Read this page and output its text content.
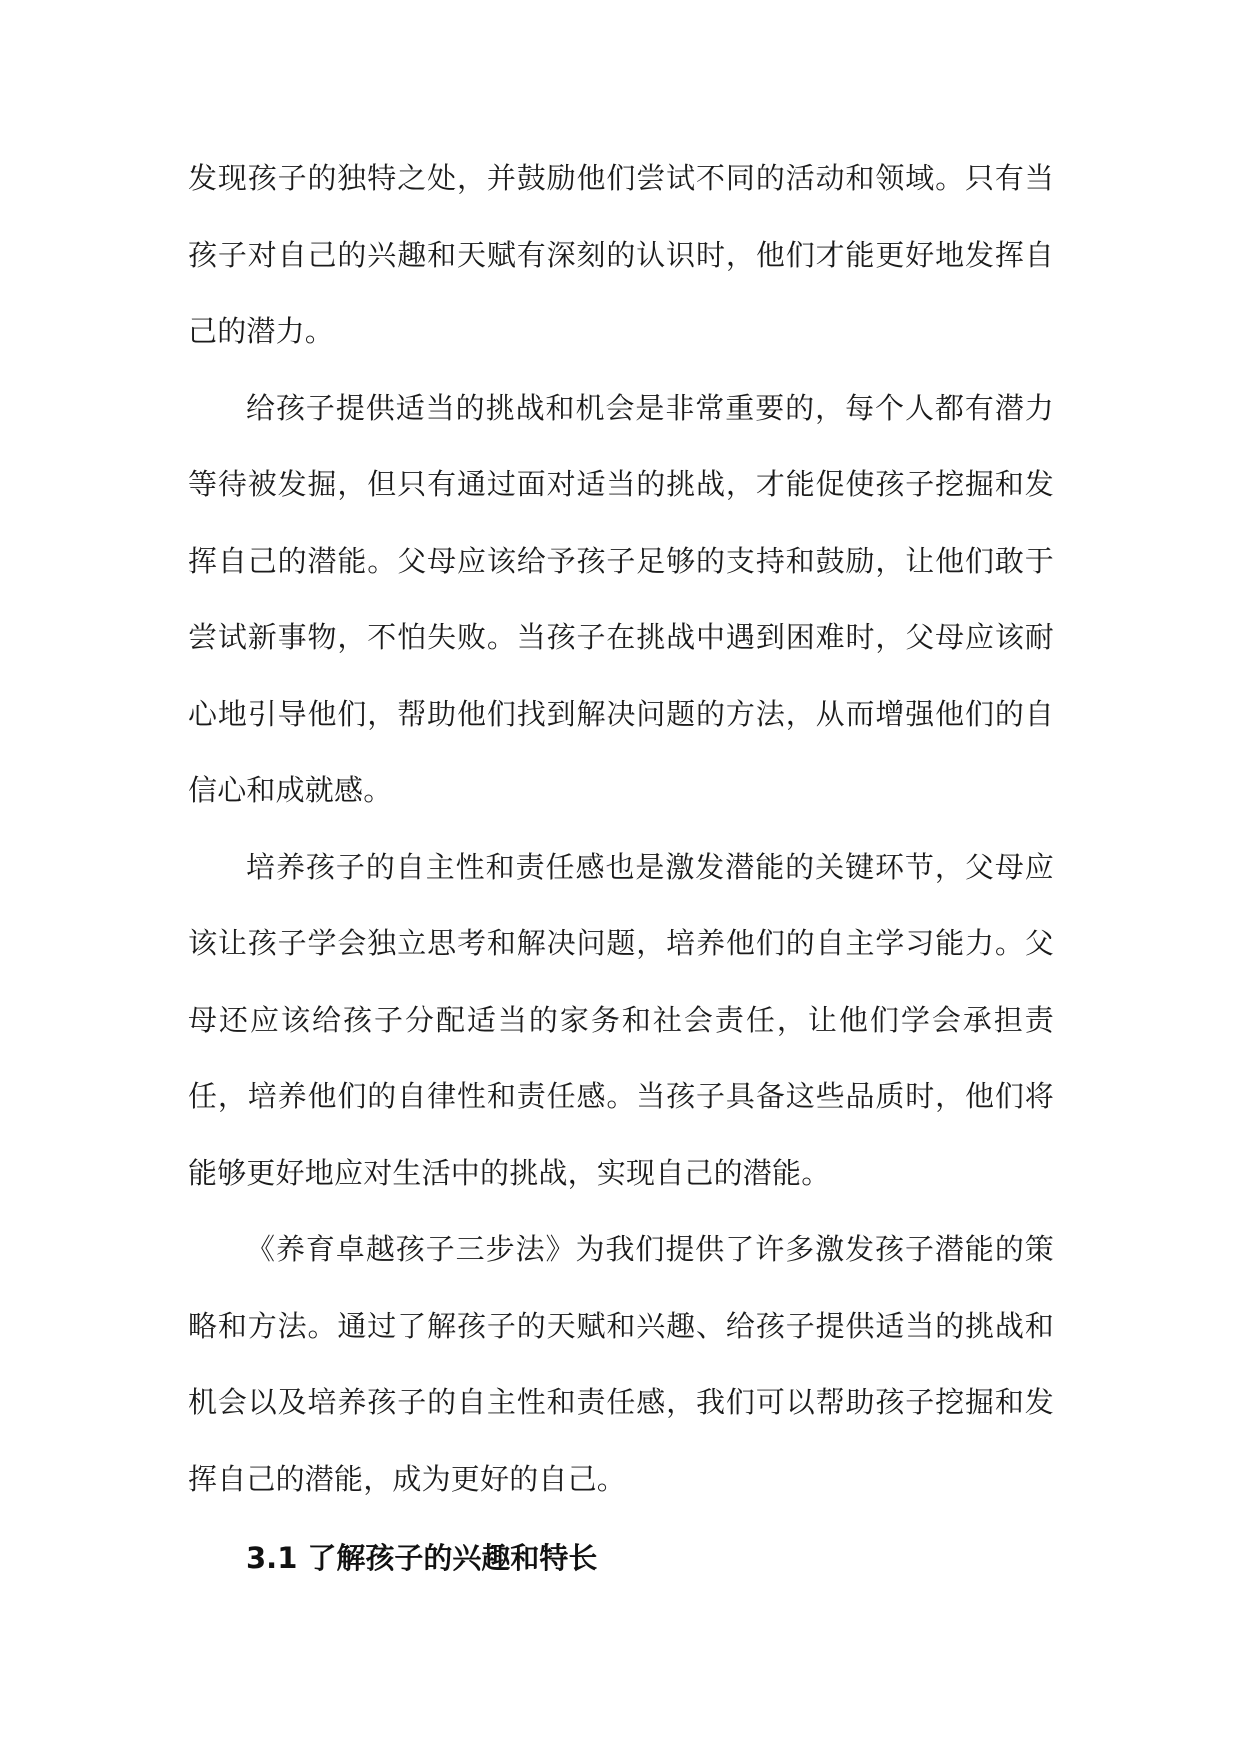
发现孩子的独特之处，并鼓励他们尝试不同的活动和领域。只有当孩子对自己的兴趣和天赋有深刻的认识时，他们才能更好地发挥自己的潜力。

给孩子提供适当的挑战和机会是非常重要的，每个人都有潜力等待被发掘，但只有通过面对适当的挑战，才能促使孩子挖掘和发挥自己的潜能。父母应该给予孩子足够的支持和鼓励，让他们敢于尝试新事物，不怕失败。当孩子在挑战中遇到困难时，父母应该耐心地引导他们，帮助他们找到解决问题的方法，从而增强他们的自信心和成就感。

培养孩子的自主性和责任感也是激发潜能的关键环节，父母应该让孩子学会独立思考和解决问题，培养他们的自主学习能力。父母还应该给孩子分配适当的家务和社会责任，让他们学会承担责任，培养他们的自律性和责任感。当孩子具备这些品质时，他们将能够更好地应对生活中的挑战，实现自己的潜能。

《养育卓越孩子三步法》为我们提供了许多激发孩子潜能的策略和方法。通过了解孩子的天赋和兴趣、给孩子提供适当的挑战和机会以及培养孩子的自主性和责任感，我们可以帮助孩子挖掘和发挥自己的潜能，成为更好的自己。

3.1 了解孩子的兴趣和特长
